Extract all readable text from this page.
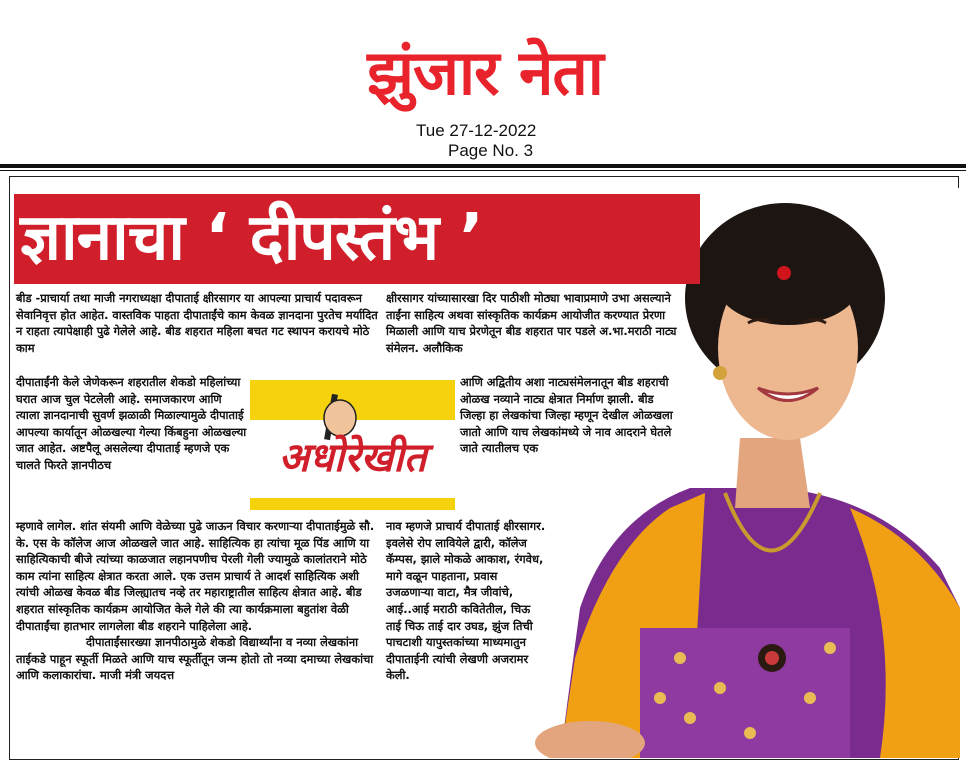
झुंजार नेता
Tue 27-12-2022
Page No. 3
ज्ञानाचा ‘ दीपस्तंभ ’

बीड -प्राचार्या तथा माजी नगराध्यक्षा दीपाताई क्षीरसागर या आपल्या प्राचार्य पदावरून सेवानिवृत्त होत आहेत. वास्तविक पाहता दीपाताईंचे काम केवळ ज्ञानदाना पुरतेच मर्यादित न राहता त्यापेक्षाही पुढे गेलेले आहे. बीड शहरात महिला बचत गट स्थापन करायचे मोठे काम

दीपाताईंनी केले जेणेकरून शहरातील शेकडो महिलांच्या घरात आज चुल पेटलेली आहे. समाजकारण आणि त्याला ज्ञानदानाची सुवर्ण झळाळी मिळाल्यामुळे दीपाताई आपल्या कार्यातून ओळखल्या गेल्या किंबहुना ओळखल्या जात आहेत. अष्टपैलू असलेल्या दीपाताई म्हणजे एक चालते फिरते ज्ञानपीठच

म्हणावे लागेल. शांत संयमी आणि वेळेच्या पुढे जाऊन विचार करणाऱ्या दीपाताईमुळे सौ. के. एस के कॉलेज आज ओळखले जात आहे. साहित्यिक हा त्यांचा मूळ पिंड आणि या साहित्यिकाची बीजे त्यांच्या काळजात लहानपणीच पेरली गेली ज्यामुळे कालांतराने मोठे काम त्यांना साहित्य क्षेत्रात करता आले. एक उत्तम प्राचार्य ते आदर्श साहित्यिक अशी त्यांची ओळख केवळ बीड जिल्ह्यातच नव्हे तर महाराष्ट्रातील साहित्य क्षेत्रात आहे. बीड शहरात सांस्कृतिक कार्यक्रम आयोजित केले गेले की त्या कार्यक्रमाला बहुतांश वेळी दीपाताईंचा हातभार लागलेला बीड शहराने पाहिलेला आहे.

दीपाताईंसारख्या ज्ञानपीठामुळे शेकडो विद्यार्थ्यांना व नव्या लेखकांना ताईकडे पाहून स्फूर्ती मिळते आणि याच स्फूर्तीतून जन्म होतो तो नव्या दमाच्या लेखकांचा आणि कलाकारांचा. माजी मंत्री जयदत्त

अधोरेखीत

क्षीरसागर यांच्यासारखा दिर पाठीशी मोठ्या भावाप्रमाणे उभा असल्याने ताईंना साहित्य अथवा सांस्कृतिक कार्यक्रम आयोजीत करण्यात प्रेरणा मिळाली आणि याच प्रेरणेतून बीड शहरात पार पडले अ.भा.मराठी नाट्य संमेलन. अलौकिक

आणि अद्वितीय अशा नाट्यसंमेलनातून बीड शहराची ओळख नव्याने नाट्य क्षेत्रात निर्माण झाली. बीड जिल्हा हा लेखकांचा जिल्हा म्हणून देखील ओळखला जातो आणि याच लेखकांमध्ये जे नाव आदराने घेतले जाते त्यातीलच एक

नाव म्हणजे प्राचार्य दीपाताई क्षीरसागर. इवलेसे रोप लावियेले द्वारी, कॉलेज कॅम्पस, झाले मोकळे आकाश, रंगवेध, मागे वळून पाहताना, प्रवास उजळणाऱ्या वाटा, मैत्र जीवांचे, आई..आई मराठी कवितेतील, चिऊ ताई चिऊ ताई दार उघड, झुंज तिची पाचटाशी यापुस्तकांच्या माध्यमातुन दीपाताईनी त्यांची लेखणी अजरामर केली.
